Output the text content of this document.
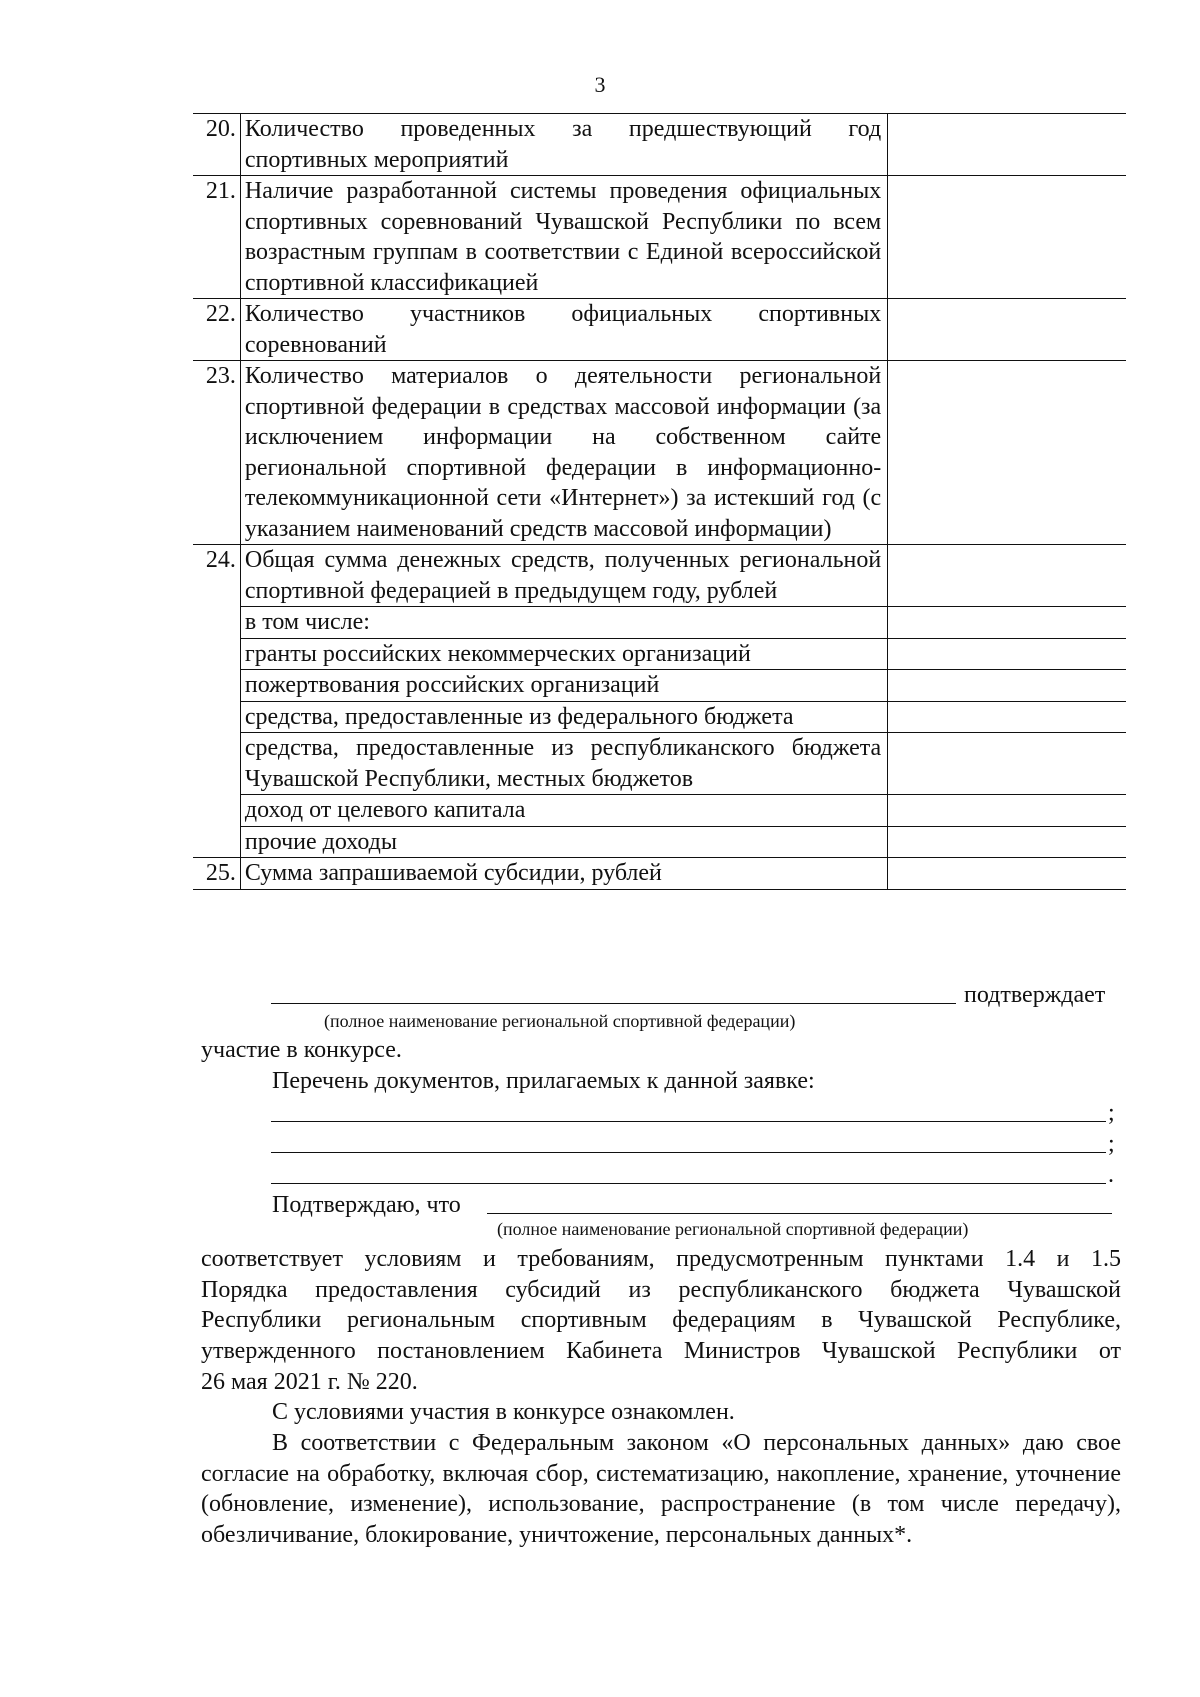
3
20.	Количество проведенных за предшествующий год спортивных мероприятий	
21.	Наличие разработанной системы проведения официальных спортивных соревнований Чувашской Республики по всем возрастным группам в соответствии с Единой всероссийской спортивной классификацией	
22.	Количество участников официальных спортивных соревнований	
23.	Количество материалов о деятельности региональной спортивной федерации в средствах массовой информации (за исключением информации на собственном сайте региональной спортивной федерации в информационно-телекоммуникационной сети «Интернет») за истекший год (с указанием наименований средств массовой информации)	
24.	Общая сумма денежных средств, полученных региональной спортивной федерацией в предыдущем году, рублей	
	в том числе:	
	гранты российских некоммерческих организаций	
	пожертвования российских организаций	
	средства, предоставленные из федерального бюджета	
	средства, предоставленные из республиканского бюджета Чувашской Республики, местных бюджетов	
	доход от целевого капитала	
	прочие доходы	
25.	Сумма запрашиваемой субсидии, рублей	
подтверждает
(полное наименование региональной спортивной федерации)
участие в конкурсе.
Перечень документов, прилагаемых к данной заявке:
;
;
.
Подтверждаю, что
(полное наименование региональной спортивной федерации)
соответствует условиям и требованиям, предусмотренным пунктами 1.4 и 1.5
Порядка предоставления субсидий из республиканского бюджета Чувашской
Республики региональным спортивным федерациям в Чувашской Республике,
утвержденного постановлением Кабинета Министров Чувашской Республики от
26 мая 2021 г. № 220.
С условиями участия в конкурсе ознакомлен.
В соответствии с Федеральным законом «О персональных данных» даю свое согласие на обработку, включая сбор, систематизацию, накопление, хранение, уточнение (обновление, изменение), использование, распространение (в том числе передачу), обезличивание, блокирование, уничтожение, персональных данных*.
